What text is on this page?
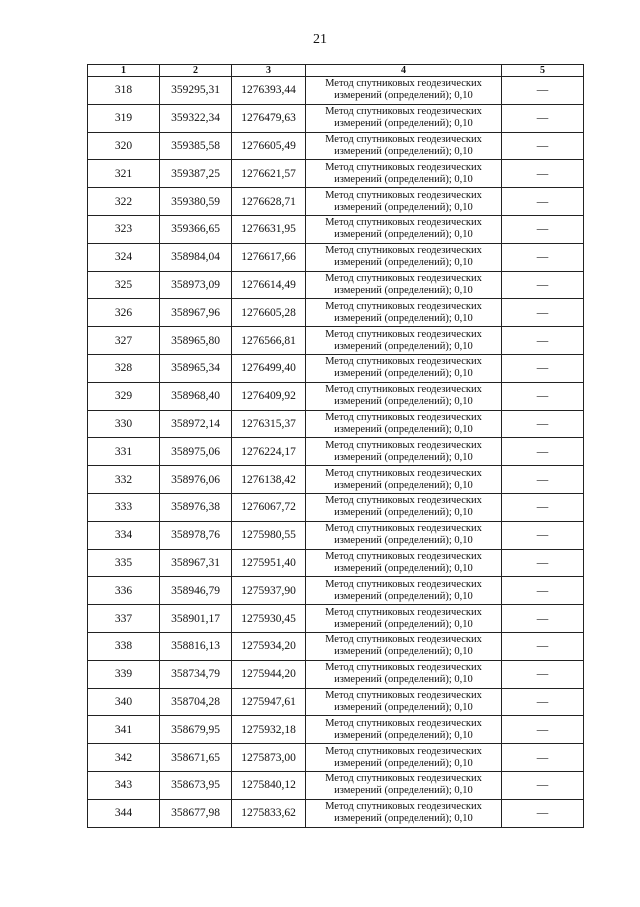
21
1	2	3	4	5
318	359295,31	1276393,44	Метод спутниковых геодезических
измерений (определений); 0,10	—
319	359322,34	1276479,63	Метод спутниковых геодезических
измерений (определений); 0,10	—
320	359385,58	1276605,49	Метод спутниковых геодезических
измерений (определений); 0,10	—
321	359387,25	1276621,57	Метод спутниковых геодезических
измерений (определений); 0,10	—
322	359380,59	1276628,71	Метод спутниковых геодезических
измерений (определений); 0,10	—
323	359366,65	1276631,95	Метод спутниковых геодезических
измерений (определений); 0,10	—
324	358984,04	1276617,66	Метод спутниковых геодезических
измерений (определений); 0,10	—
325	358973,09	1276614,49	Метод спутниковых геодезических
измерений (определений); 0,10	—
326	358967,96	1276605,28	Метод спутниковых геодезических
измерений (определений); 0,10	—
327	358965,80	1276566,81	Метод спутниковых геодезических
измерений (определений); 0,10	—
328	358965,34	1276499,40	Метод спутниковых геодезических
измерений (определений); 0,10	—
329	358968,40	1276409,92	Метод спутниковых геодезических
измерений (определений); 0,10	—
330	358972,14	1276315,37	Метод спутниковых геодезических
измерений (определений); 0,10	—
331	358975,06	1276224,17	Метод спутниковых геодезических
измерений (определений); 0,10	—
332	358976,06	1276138,42	Метод спутниковых геодезических
измерений (определений); 0,10	—
333	358976,38	1276067,72	Метод спутниковых геодезических
измерений (определений); 0,10	—
334	358978,76	1275980,55	Метод спутниковых геодезических
измерений (определений); 0,10	—
335	358967,31	1275951,40	Метод спутниковых геодезических
измерений (определений); 0,10	—
336	358946,79	1275937,90	Метод спутниковых геодезических
измерений (определений); 0,10	—
337	358901,17	1275930,45	Метод спутниковых геодезических
измерений (определений); 0,10	—
338	358816,13	1275934,20	Метод спутниковых геодезических
измерений (определений); 0,10	—
339	358734,79	1275944,20	Метод спутниковых геодезических
измерений (определений); 0,10	—
340	358704,28	1275947,61	Метод спутниковых геодезических
измерений (определений); 0,10	—
341	358679,95	1275932,18	Метод спутниковых геодезических
измерений (определений); 0,10	—
342	358671,65	1275873,00	Метод спутниковых геодезических
измерений (определений); 0,10	—
343	358673,95	1275840,12	Метод спутниковых геодезических
измерений (определений); 0,10	—
344	358677,98	1275833,62	Метод спутниковых геодезических
измерений (определений); 0,10	—
